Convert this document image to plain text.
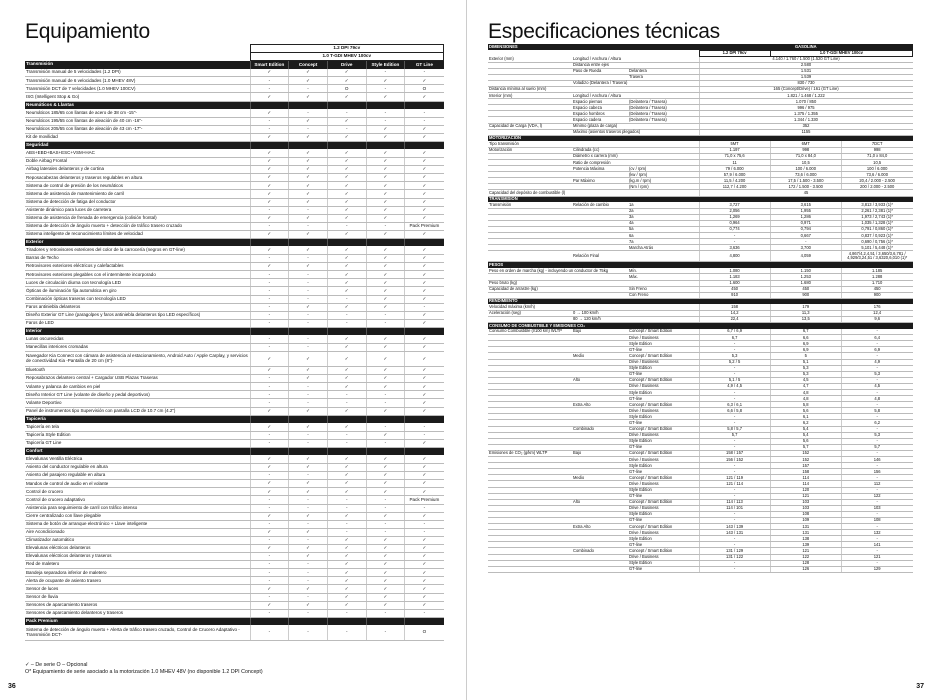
Equipamiento
	1.2 DPI 79cv				
	1.0 T-GDI MHEV 100cv				
Transmisión	Smart Edition	Concept	Drive	Style Edition	GT Line
Transmisión manual de 5 velocidades (1.2 DPI)	✓	✓	✓	-	-
Transmisión manual de 6 velocidades (1.0 MHEV 48V)	-	✓	✓	✓	✓
Transmisión DCT de 7 velocidades (1.0 MHEV 100CV)	-	-	O	-	O
ISG (Intelligent Stop & Go)	✓	✓	✓	✓	✓
Neumáticos & Llantas					
Neumáticos 185/65 con llantas de acero de 38 cm -15"-	✓	-	-	-	-
Neumáticos 195/55 con llantas de aleación de 40 cm -16"-	-	✓	✓	-	-
Neumáticos 205/55 con llantas de aleación de 43 cm -17"-	-	-	-	✓	✓
Kit de movilidad	✓	✓	✓	✓	✓
Seguridad					
ABS+EBD+BAS+ESC+VSM+HAC	✓	✓	✓	✓	✓
Doble Airbag Frontal	✓	✓	✓	✓	✓
Airbag laterales delanteros y de cortina	✓	✓	✓	✓	✓
Reposacabezas delanteros y traseros regulables en altura	✓	✓	✓	✓	✓
Sistema de control de presión de los neumáticos	✓	✓	✓	✓	✓
Sistema de asistencia de mantenimiento de carril	✓	✓	✓	✓	✓
Sistema de detección de fatiga del conductor	✓	✓	✓	✓	✓
Asistente dinámico para luces de carretera	-	-	✓	✓	✓
Sistema de asistencia de frenada de emergencia (colisión frontal)	✓	✓	✓	✓	✓
Sistema de detección de ángulo muerto + detección de tráfico trasero cruzado	-	-	-	-	Pack Premium
Sistema inteligente de reconocimiento límites de velocidad	✓	✓	✓	✓	✓
Exterior					
Tiradores y retrovisores exteriores del color de la carrocería (negros en GT-line)	✓	✓	✓	✓	✓
Barras de Techo	-	-	✓	✓	✓
Retrovisores exteriores eléctricos y calefactables	✓	✓	✓	✓	✓
Retrovisores exteriores plegables con el intermitente incorporado	-	-	✓	✓	✓
Luces de circulación diurna con tecnología LED	-	-	✓	✓	✓
Ópticas de iluminación fija automática en giro	-	-	✓	✓	✓
Combinación ópticas traseras con tecnología LED	-	-	-	✓	✓
Faros antiniebla delanteros	-	✓	✓	✓	-
Diseño Exterior GT Line (paragolpes y faros antiniebla delanteros tipo LED específicos)	-	-	-	-	✓
Faros de LED	-	-	-	-	✓
Interior					
Lunas oscurecidas	-	-	✓	✓	✓
Manecillas interiores cromadas	-	-	✓	✓	✓
Navegador Kia Connect con cámara de asistencia al estacionamiento, Android Auto / Apple Carplay, y servicios de conectividad Kia -Pantalla de 20 cm (8")-	✓	✓	✓	✓	✓
Bluetooth	✓	✓	✓	✓	✓
Reposabrazos delantero central + Cargador USB Plazas Traseras	-	✓	✓	✓	✓
Volante y palanca de cambios en piel	-	-	✓	✓	✓
Diseño Interior GT Line (volante de diseño y pedal deportivos)	-	-	-	-	✓
Volante Deportivo	-	-	-	-	✓
Panel de instrumentos tipo Supervisión con pantalla LCD de 10.7 cm (4.2")	✓	✓	✓	✓	✓
Tapicería					
Tapicería en tela	✓	✓	✓	-	-
Tapicería Style Edition	-	-	-	✓	-
Tapicería GT Line	-	-	-	-	✓
Confort					
Elevalunas Ventilla Eléctrica	✓	✓	✓	✓	✓
Asiento del conductor regulable en altura	✓	✓	✓	✓	✓
Asiento del pasajero regulable en altura	-	-	✓	✓	✓
Mandos de control de audio en el volante	✓	✓	✓	✓	✓
Control de crucero	✓	✓	✓	✓	✓
Control de crucero adaptativo	-	-	-	-	Pack Premium
Asistencia para seguimiento de carril con tráfico intenso	-	-	-	-	-
Cierre centralizado con llave plegable	✓	✓	✓	✓	✓
Sistema de botón de arranque electrónico + Llave inteligente	-	-	-	-	-
Aire Acondicionado	✓	✓	-	-	-
Climatizador automático	-	-	✓	✓	✓
Elevalunas eléctricos delanteros	✓	✓	✓	✓	✓
Elevalunas eléctricos delanteros y traseros	-	✓	✓	✓	✓
Red de maletero	-	-	✓	✓	✓
Bandeja separadora inferior de maletero	-	-	✓	✓	✓
Alerta de ocupante de asiento trasero	-	-	✓	✓	✓
Sensor de luces	✓	✓	✓	✓	✓
Sensor de lluvia	-	-	✓	✓	✓
Sensores de aparcamiento traseros	✓	✓	✓	✓	✓
Sensores de aparcamiento delanteros y traseros	-	-	-	-	-
Pack Premium					
Sistema de detección de ángulo muerto + Alerta de tráfico trasero cruzado, Control de Crucero Adaptativo - Transmisión DCT-	-	-	-	-	O
✓ – De serie O – Opcional
O* Equipamiento de serie asociado a la motorización 1.0 MHEV 48V (no disponible 1.2 DPI Concept)
36
Especificaciones técnicas
DIMENSIONES			GASOLINA		
			1.2 DPI 79cv	1.0 T-GDI MHEV 100cv	
Exterior (mm)	Longitud / Anchura / Altura		4.140 / 1.760 / 1.500 (1.520 GT Line)		
	Distancia entre ejes		2.580		
	Paso de Rueda	Delantera	1.531		
		Trasera	1.539		
	Voladizo (Delantera / Trasera)		830 / 730		
Distancia mínima al suelo (mm)			165 (Concept/Drive) / 161 (GT Line)		
Interior (mm)	Longitud / Anchura / Altura		1.821 / 1.468 / 1.222		
	Espacio piernas	(Delantera / Trasera)	1.070 / 850		
	Espacio cabeza	(Delantera / Trasera)	996 / 975		
	Espacio hombros	(Delantera / Trasera)	1.375 / 1.355		
	Espacio cadera	(Delantera / Trasera)	1.344 / 1.330		
Capacidad de Carga (VDA, l)	Mínimo (plaza de carga)		352		
	Máximo (asientos traseros plegados)		1155		
MOTORIZACIÓN					
Tipo transmisión			5MT	6MT	7DCT
Motorización	Cilindrada (cc)		1.197	998	998
	Diámetro x carrera (mm)		71,0 x 75,6	71,0 x 84,0	71,0 x 84,0
	Ratio de compresión		11	10,5	10,5
	Potencia Máxima	(cv / rpm)	79 / 6.000	100 / 6.000	100 / 6.000
		(kw / rpm)	57,9 / 6.000	73,6 / 6.000	73,6 / 6.000
	Par Máximo	(kg.m / rpm)	11,5 / 4.200	17,5 / 1.500 - 3.500	20,4 / 2.000 - 2.500
		(Nm / rpm)	112,7 / 4.200	172 / 1.500 - 3.500	200 / 2.000 - 2.500
Capacidad del depósito de combustible (l)			45		
TRANSMISIÓN					
Transmisión	Relación de cambio	1a	3,727	3,615	3,813 / 3,933 (1)*
		2a	2,056	1,955	2,261 / 2,381 (1)*
		3a	1,269	1,286	1,973 / 2,743 (1)*
		4a	0,964	0,971	1,035 / 1,328 (1)*
		5a	0,774	0,794	0,791 / 0,860 (1)*
		6a	-	0,667	0,837 / 0,923 (1)*
		7a	-	-	0,690 / 0,756 (1)*
		Marcha Atrás	3,636	3,700	5,101 / 5,448 (1)*
	Relación Final		4,800	4,059	4,867/4,2,4,51 / 3,650/3,6,781 / 4,929/3,24,51 / 3,6320,6,010 (1)*
PESOS					
Peso en orden de marcha (kg) - incluyendo un conductor de 75kg		Mín.	1.080	1.150	1.185
		Máx.	1.183	1.253	1.288
Peso bruto (kg)			1.600	1.680	1.710
Capacidad de arrastre (kg)		Sin Freno	450	450	450
		Con Freno	910	900	900
RENDIMIENTO					
Velocidad máxima (km/h)			158	179	176
Aceleración (seg)	0 → 100 km/h		14,2	11,3	12,4
	80 → 120 km/h		22,4	13,5	9,6
CONSUMO DE COMBUSTIBLE Y EMISIONES CO₂					
Consumo Combustible (l/100 km) WLTP	Bajo	Concept / Smart Edition	6,7 / 6,9	6,7	-
		Drive / Business	6,7	6,6	6,4
		Style Edition	-	6,9	-
		GT-line	-	6,9	6,9
	Medio	Concept / Smart Edition	5,3	5	-
		Drive / Business	5,2 / 5	5,1	4,9
		Style Edition	-	5,3	-
		GT-line	-	5,3	5,3
	Alto	Concept / Smart Edition	5,1 / 5	4,5	-
		Drive / Business	4,9 / 4,5	4,7	4,5
		Style Edition	-	4,8	-
		GT-line	-	4,8	4,8
	Extra Alto	Concept / Smart Edition	6,3 / 6,1	5,8	-
		Drive / Business	6,6 / 5,8	5,6	5,8
		Style Edition	-	6,1	-
		GT-line	-	6,2	6,2
	Combinado	Concept / Smart Edition	5,8 / 5,7	5,4	-
		Drive / Business	5,7	5,4	5,3
		Style Edition	-	5,6	-
		GT-line	-	5,7	5,7
Emisiones de CO₂ (g/km) WLTP	Bajo	Concept / Smart Edition	158 / 157	152	-
		Drive / Business	156 / 152	152	146
		Style Edition	-	157	-
		GT-line	-	158	156
	Medio	Concept / Smart Edition	121 / 119	114	-
		Drive / Business	121 / 114	114	112
		Style Edition	-	120	-
		GT-line	-	121	122
	Alto	Concept / Smart Edition	114 / 113	103	-
		Drive / Business	114 / 101	103	103
		Style Edition	-	108	-
		GT-line	-	109	108
	Extra Alto	Concept / Smart Edition	143 / 139	131	-
		Drive / Business	143 / 131	131	132
		Style Edition	-	138	-
		GT-line	-	139	141
	Combinado	Concept / Smart Edition	131 / 129	121	-
		Drive / Business	131 / 122	122	121
		Style Edition	-	128	-
		GT-line	-	126	129
37
